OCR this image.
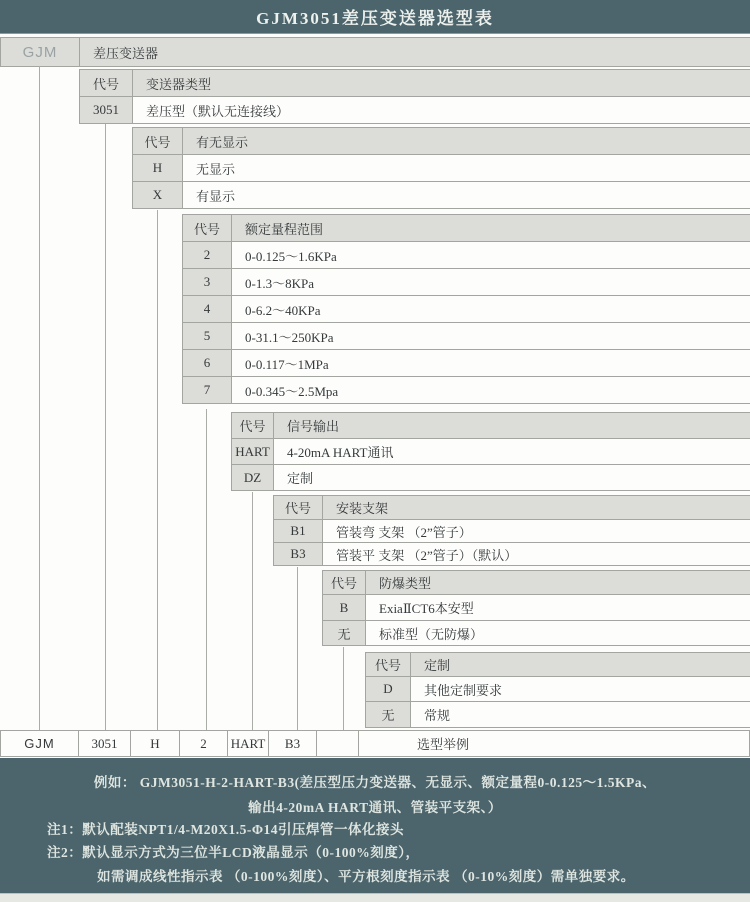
GJM3051差压变送器选型表
GJM	差压变送器
代号	变送器类型
3051	差压型（默认无连接线）
代号	有无显示
H	无显示
X	有显示
代号	额定量程范围
2	0-0.125～1.6KPa
3	0-1.3～8KPa
4	0-6.2～40KPa
5	0-31.1～250KPa
6	0-0.117～1MPa
7	0-0.345～2.5Mpa
代号	信号输出
HART	4-20mA HART通讯
DZ	定制
代号	安装支架
B1	管装弯 支架 （2”管子）
B3	管装平 支架 （2”管子）（默认）
代号	防爆类型
B	ExiaⅡCT6本安型
无	标准型（无防爆）
代号	定制
D	其他定制要求
无	常规
GJM	3051	H	2	HART	B3	选型举例
例如： GJM3051-H-2-HART-B3(差压型压力变送器、无显示、额定量程0-0.125～1.5KPa、
输出4-20mA HART通讯、管装平支架、）
注1：默认配装NPT1/4-M20X1.5-Φ14引压焊管一体化接头
注2：默认显示方式为三位半LCD液晶显示（0-100%刻度），
如需调成线性指示表 （0-100%刻度）、平方根刻度指示表 （0-10%刻度）需单独要求。
